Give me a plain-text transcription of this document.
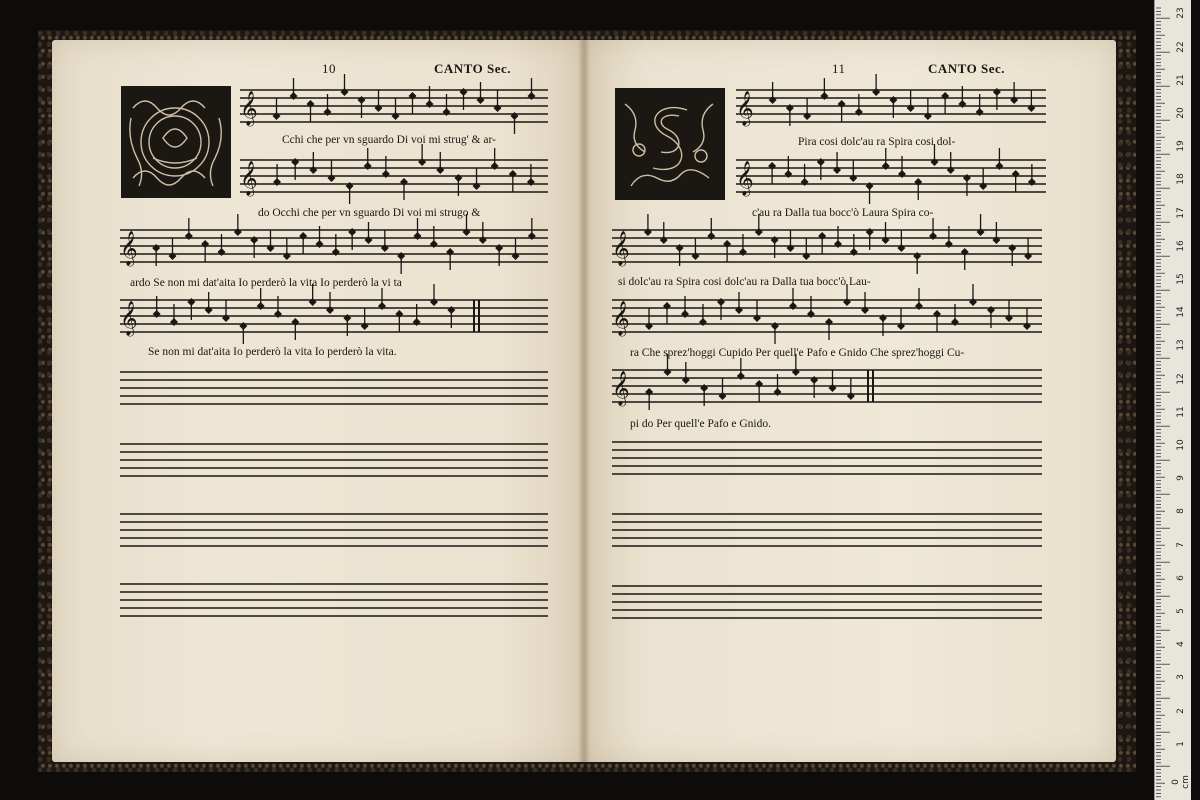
10	CANTO Sec.	11	CANTO Sec.
𝄞
𝄞
𝄞
𝄞
𝄞
𝄞
𝄞
𝄞
𝄞
Cchi che per vn sguardo Di voi mi strug' & ar-
do Occhi che per vn sguardo Di voi mi strugo &
ardo Se non mi dat'aita Io perderò la vita Io perderò la vi ta
Se non mi dat'aita Io perderò la vita Io perderò la vita.
Pira cosi dolc'au ra Spira cosi dol-
c'au ra Dalla tua bocc'ò Laura Spira co-
si dolc'au ra Spira cosi dolc'au ra Dalla tua bocc'ò Lau-
ra Che sprez'hoggi Cupido Per quell'e Pafo e Gnido Che sprez'hoggi Cu-
pi do Per quell'e Pafo e Gnido.
0 cm
1
2
3
4
5
6
7
8
9
10
11
12
13
14
15
16
17
18
19
20
21
22
23
